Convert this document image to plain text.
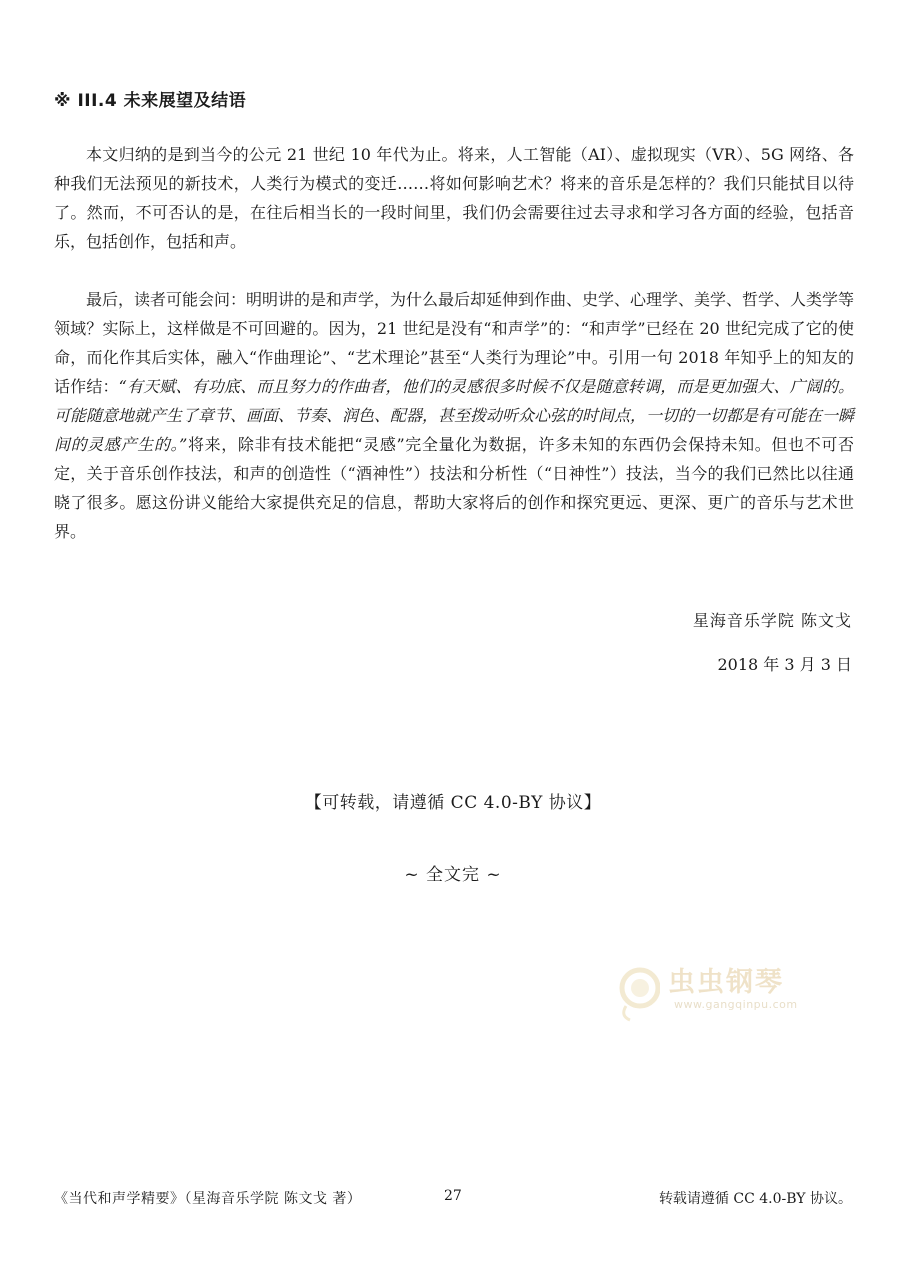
※ III.4 未来展望及结语

本文归纳的是到当今的公元 21 世纪 10 年代为止。将来，人工智能（AI）、虚拟现实（VR）、5G 网络、各种我们无法预见的新技术，人类行为模式的变迁……将如何影响艺术？将来的音乐是怎样的？我们只能拭目以待了。然而，不可否认的是，在往后相当长的一段时间里，我们仍会需要往过去寻求和学习各方面的经验，包括音乐，包括创作，包括和声。

最后，读者可能会问：明明讲的是和声学，为什么最后却延伸到作曲、史学、心理学、美学、哲学、人类学等领域？实际上，这样做是不可回避的。因为，21 世纪是没有“和声学”的：“和声学”已经在 20 世纪完成了它的使命，而化作其后实体，融入“作曲理论”、“艺术理论”甚至“人类行为理论”中。引用一句 2018 年知乎上的知友的话作结：“有天赋、有功底、而且努力的作曲者，他们的灵感很多时候不仅是随意转调，而是更加强大、广阔的。可能随意地就产生了章节、画面、节奏、润色、配器，甚至拨动听众心弦的时间点，一切的一切都是有可能在一瞬间的灵感产生的。”将来，除非有技术能把“灵感”完全量化为数据，许多未知的东西仍会保持未知。但也不可否定，关于音乐创作技法，和声的创造性（“酒神性”）技法和分析性（“日神性”）技法，当今的我们已然比以往通晓了很多。愿这份讲义能给大家提供充足的信息，帮助大家将后的创作和探究更远、更深、更广的音乐与艺术世界。

星海音乐学院 陈文戈
2018 年 3 月 3 日
【可转载，请遵循 CC 4.0-BY 协议】
~ 全文完 ~
虫虫钢琴
www.gangqinpu.com
《当代和声学精要》（星海音乐学院 陈文戈 著）	27	转载请遵循 CC 4.0-BY 协议。
